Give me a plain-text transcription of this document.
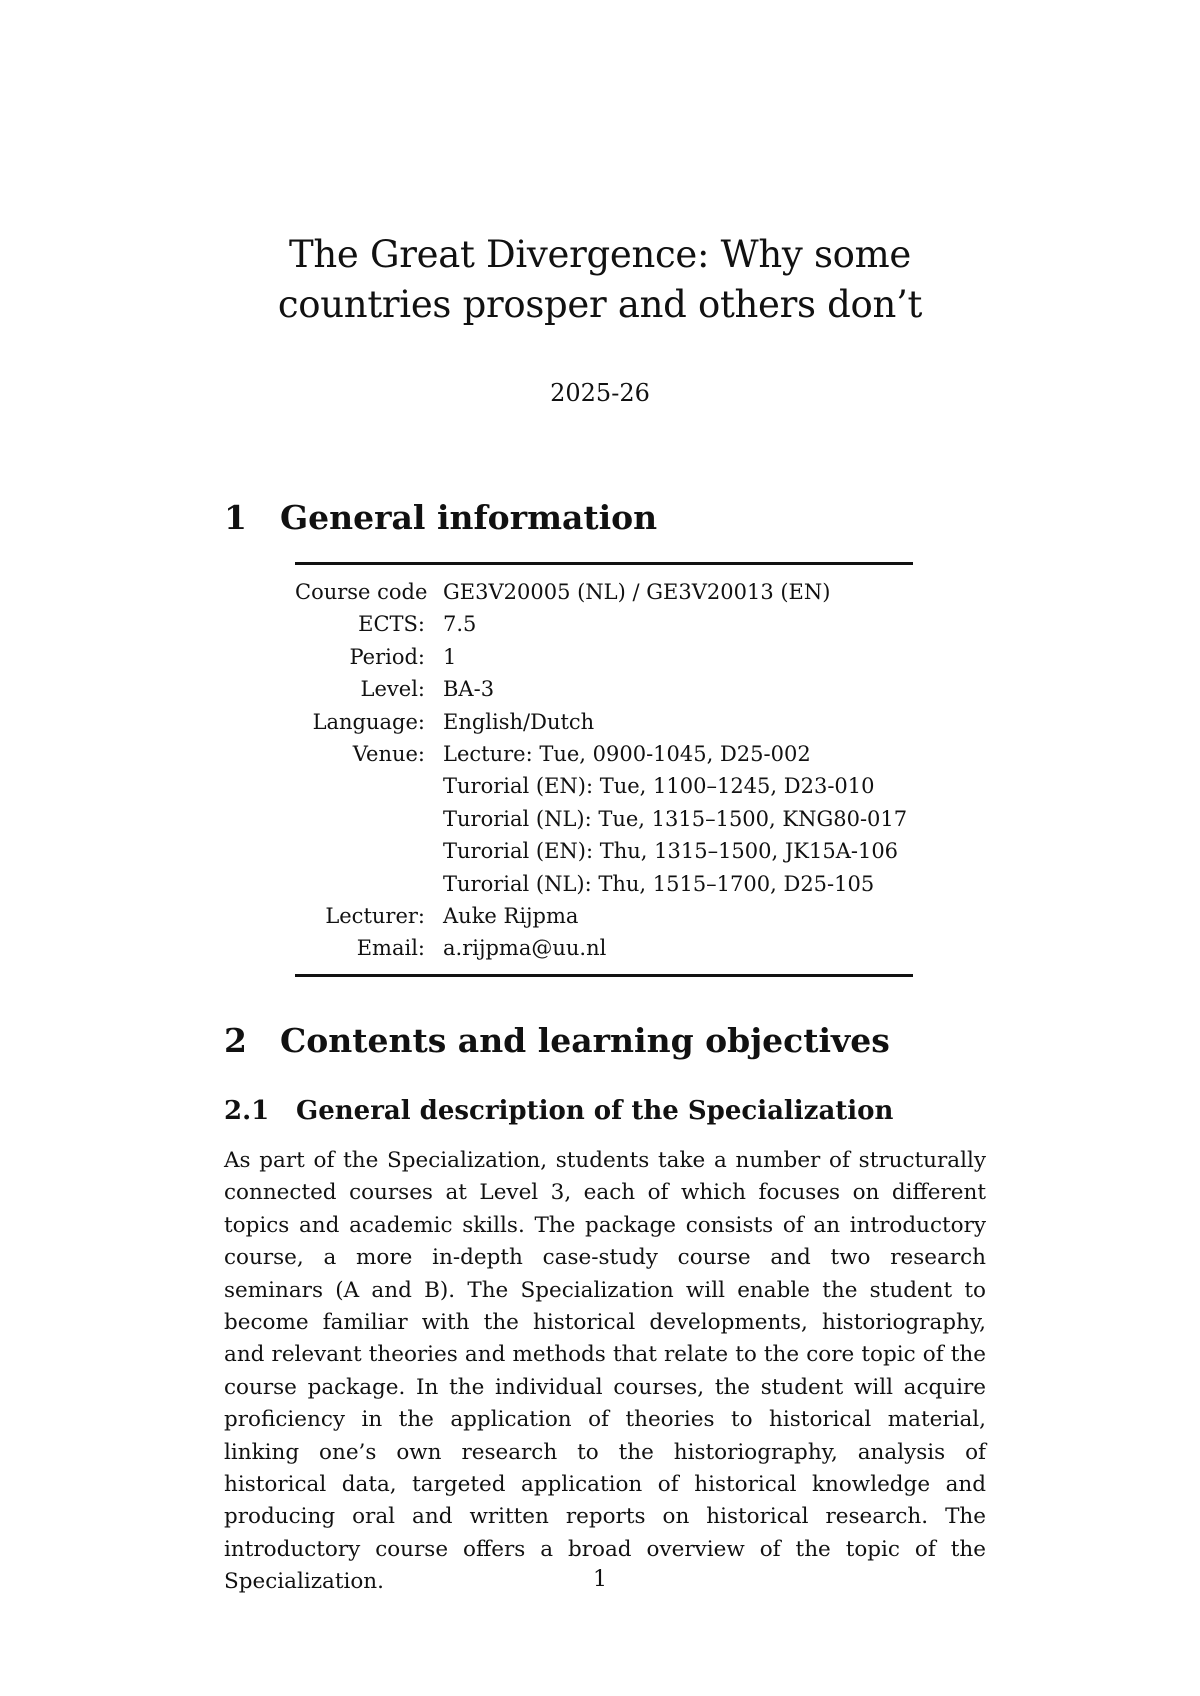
The Great Divergence: Why some
countries prosper and others don’t

2025-26

1 General information
Course code GE3V20005 (NL) / GE3V20013 (EN)
ECTS: 7.5
Period: 1
Level: BA-3
Language: English/Dutch
Venue: Lecture: Tue, 0900-1045, D25-002
Turorial (EN): Tue, 1100–1245, D23-010
Turorial (NL): Tue, 1315–1500, KNG80-017
Turorial (EN): Thu, 1315–1500, JK15A-106
Turorial (NL): Thu, 1515–1700, D25-105
Lecturer: Auke Rijpma
Email: a.rijpma@uu.nl
2 Contents and learning objectives
2.1 General description of the Specialization

As part of the Specialization, students take a number of structurally connected courses at Level 3, each of which focuses on different topics and academic skills. The package consists of an introductory course, a more in-depth case-study course and two research seminars (A and B). The Specialization will enable the student to become familiar with the historical developments, historiography, and relevant theories and methods that relate to the core topic of the course package. In the individual courses, the student will acquire proficiency in the application of theories to historical material, linking one’s own research to the historiography, analysis of historical data, targeted application of historical knowledge and producing oral and written reports on historical research. The introductory course offers a broad overview of the topic of the Specialization.	1
